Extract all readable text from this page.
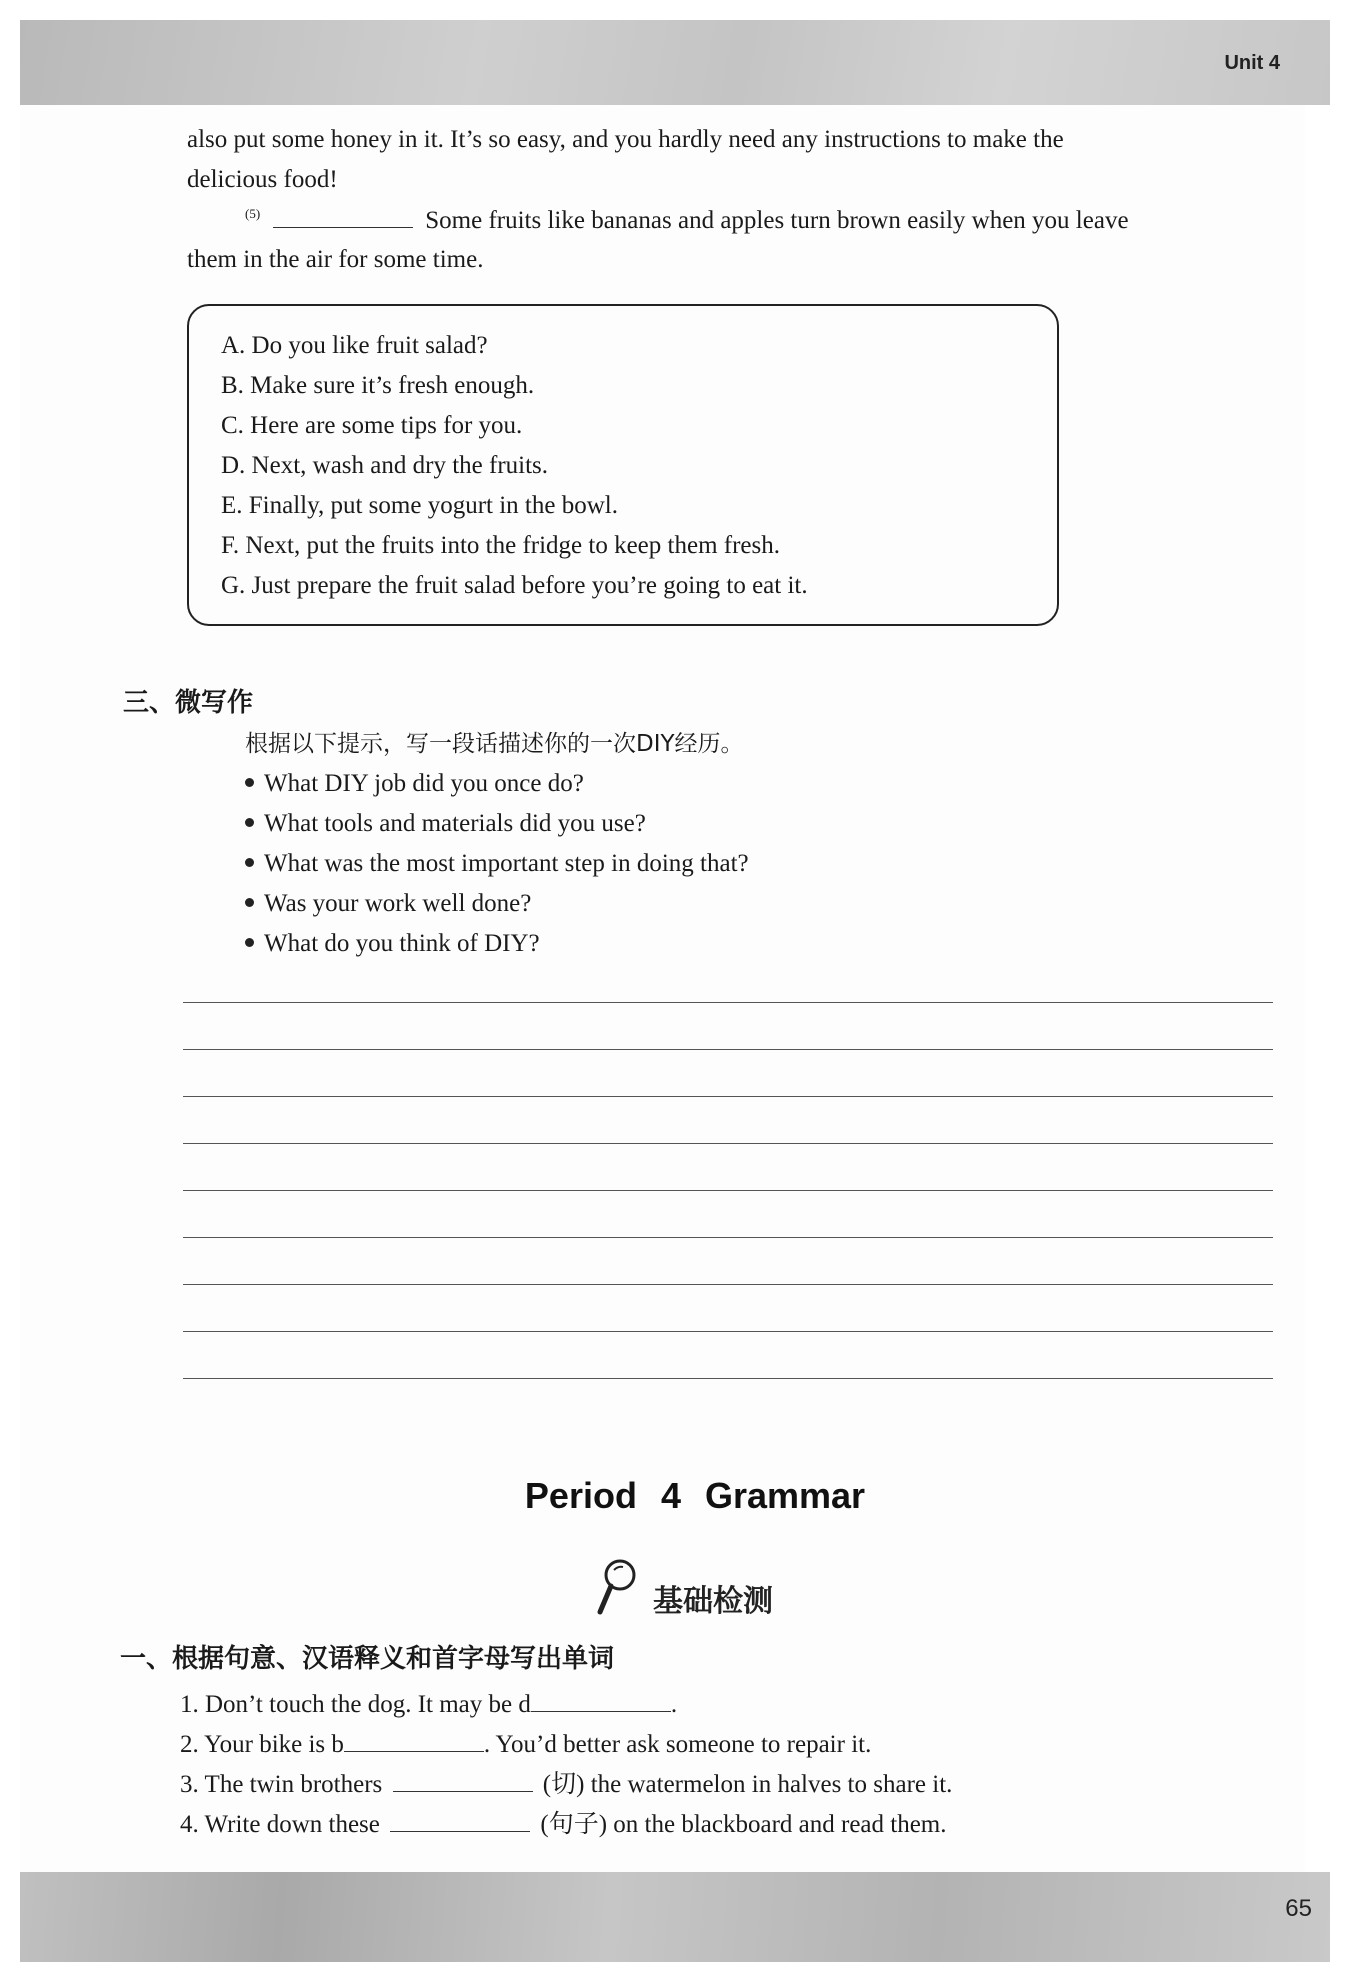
Unit 4
also put some honey in it. It’s so easy, and you hardly need any instructions to make the
delicious food!
(5)	Some fruits like bananas and apples turn brown easily when you leave
them in the air for some time.
A. Do you like fruit salad?
B. Make sure it’s fresh enough.
C. Here are some tips for you.
D. Next, wash and dry the fruits.
E. Finally, put some yogurt in the bowl.
F. Next, put the fruits into the fridge to keep them fresh.
G. Just prepare the fruit salad before you’re going to eat it.
三、微写作
根据以下提示，写一段话描述你的一次DIY经历。
What DIY job did you once do?
What tools and materials did you use?
What was the most important step in doing that?
Was your work well done?
What do you think of DIY?
Period 4 Grammar
基础检测
一、根据句意、汉语释义和首字母写出单词
1. Don’t touch the dog. It may be d	.
2. Your bike is b	. You’d better ask someone to repair it.
3. The twin brothers	(切) the watermelon in halves to share it.
4. Write down these	(句子) on the blackboard and read them.
65
